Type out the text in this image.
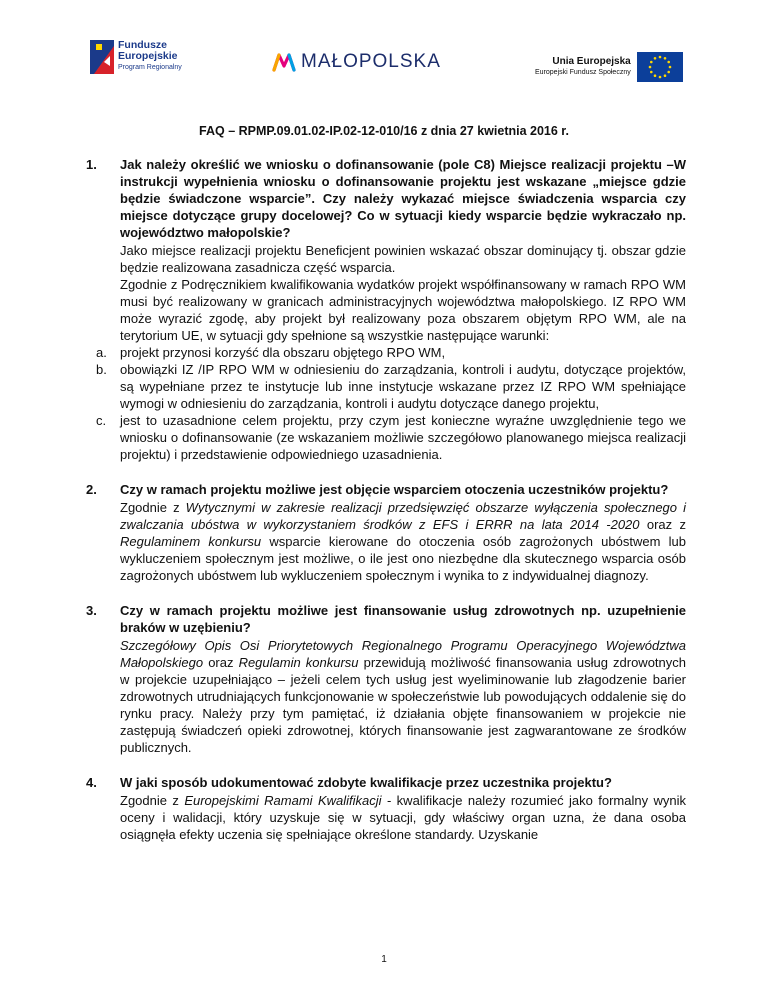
Fundusze
Europejskie
Program Regionalny	MAŁOPOLSKA	Unia Europejska
Europejski Fundusz Społeczny
FAQ – RPMP.09.01.02-IP.02-12-010/16 z dnia 27 kwietnia 2016 r.
1.	Jak należy określić we wniosku o dofinansowanie (pole C8) Miejsce realizacji projektu –W instrukcji wypełnienia wniosku o dofinansowanie projektu jest wskazane „miejsce gdzie będzie świadczone wsparcie”. Czy należy wykazać miejsce świadczenia wsparcia czy miejsce dotyczące grupy docelowej? Co w sytuacji kiedy wsparcie będzie wykraczało np. województwo małopolskie?

Jako miejsce realizacji projektu Beneficjent powinien wskazać obszar dominujący tj. obszar gdzie będzie realizowana zasadnicza część wsparcia.

Zgodnie z Podręcznikiem kwalifikowania wydatków projekt współfinansowany w ramach RPO WM musi być realizowany w granicach administracyjnych województwa małopolskiego. IZ RPO WM może wyrazić zgodę, aby projekt był realizowany poza obszarem objętym RPO WM, ale na terytorium UE, w sytuacji gdy spełnione są wszystkie następujące warunki:

a.	projekt przynosi korzyść dla obszaru objętego RPO WM,
b.	obowiązki IZ /IP RPO WM w odniesieniu do zarządzania, kontroli i audytu, dotyczące projektów, są wypełniane przez te instytucje lub inne instytucje wskazane przez IZ RPO WM spełniające wymogi w odniesieniu do zarządzania, kontroli i audytu dotyczące danego projektu,
c.	jest to uzasadnione celem projektu, przy czym jest konieczne wyraźne uwzględnienie tego we wniosku o dofinansowanie (ze wskazaniem możliwie szczegółowo planowanego miejsca realizacji projektu) i przedstawienie odpowiedniego uzasadnienia.
2.	Czy w ramach projektu możliwe jest objęcie wsparciem otoczenia uczestników projektu?
Zgodnie z Wytycznymi w zakresie realizacji przedsięwzięć obszarze wyłączenia społecznego i zwalczania ubóstwa w wykorzystaniem środków z EFS i ERRR na lata 2014 -2020 oraz z Regulaminem konkursu wsparcie kierowane do otoczenia osób zagrożonych ubóstwem lub wykluczeniem społecznym jest możliwe, o ile jest ono niezbędne dla skutecznego wsparcia osób zagrożonych ubóstwem lub wykluczeniem społecznym i wynika to z indywidualnej diagnozy.
3.	Czy w ramach projektu możliwe jest finansowanie usług zdrowotnych np. uzupełnienie braków w uzębieniu?
Szczegółowy Opis Osi Priorytetowych Regionalnego Programu Operacyjnego Województwa Małopolskiego oraz Regulamin konkursu przewidują możliwość finansowania usług zdrowotnych w projekcie uzupełniająco – jeżeli celem tych usług jest wyeliminowanie lub złagodzenie barier zdrowotnych utrudniających funkcjonowanie w społeczeństwie lub powodujących oddalenie się do rynku pracy. Należy przy tym pamiętać, iż działania objęte finansowaniem w projekcie nie zastępują świadczeń opieki zdrowotnej, których finansowanie jest zagwarantowane ze środków publicznych.
4.	W jaki sposób udokumentować zdobyte kwalifikacje przez uczestnika projektu?
Zgodnie z Europejskimi Ramami Kwalifikacji - kwalifikacje należy rozumieć jako formalny wynik oceny i walidacji, który uzyskuje się w sytuacji, gdy właściwy organ uzna, że dana osoba osiągnęła efekty uczenia się spełniające określone standardy. Uzyskanie
1
